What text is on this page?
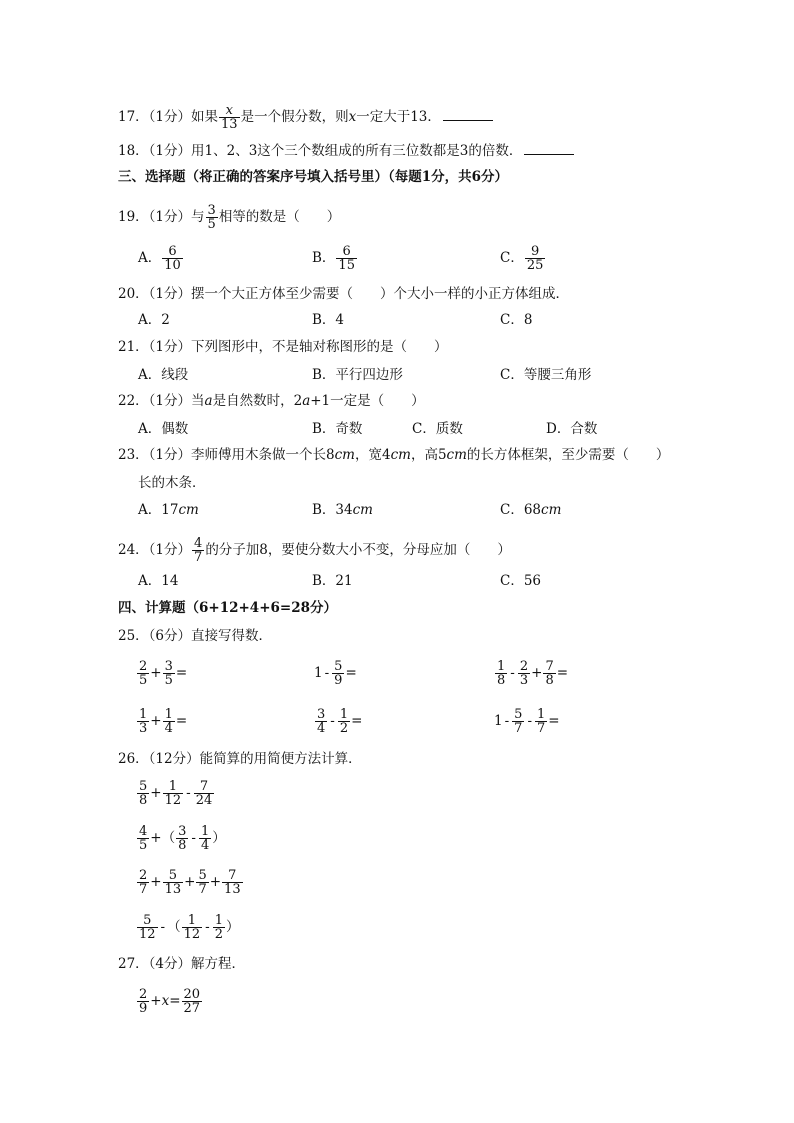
17．（1分）如果 $\frac{x}{13}$ 是一个假分数，则x一定大于13．
18．（1分）用1、2、3这个三个数组成的所有三位数都是3的倍数．
三、选择题（将正确的答案序号填入括号里）（每题1分，共6分）
19．（1分）与 $\frac{3}{5}$ 相等的数是（　　）
A． $\frac{6}{10}$	B． $\frac{6}{15}$	C． $\frac{9}{25}$
20．（1分）摆一个大正方体至少需要（　　）个大小一样的小正方体组成．
A．2	B．4	C．8
21．（1分）下列图形中，不是轴对称图形的是（　　）
A．线段	B．平行四边形	C．等腰三角形
22．（1分）当a是自然数时，2a+1一定是（　　）
A．偶数	B．奇数	C．质数	D．合数
23．（1分）李师傅用木条做一个长8cm，宽4cm，高5cm的长方体框架，至少需要（　　）
长的木条．
A．17cm	B．34cm	C．68cm
24．（1分） $\frac{4}{7}$ 的分子加8，要使分数大小不变，分母应加（　　）
A．14	B．21	C．56
四、计算题（6+12+4+6=28分）
25．（6分）直接写得数．
$\frac{2}{5} + \frac{3}{5}$ =	$1 - \frac{5}{9}$ =	$\frac{1}{8} - \frac{2}{3} + \frac{7}{8}$ =
$\frac{1}{3} + \frac{1}{4}$ =	$\frac{3}{4} - \frac{1}{2}$ =	$1 - \frac{5}{7} - \frac{1}{7}$ =
26．（12分）能简算的用简便方法计算．
$\frac{5}{8} + \frac{1}{12} - \frac{7}{24}$
$\frac{4}{5}$ +（ $\frac{3}{8} - \frac{1}{4}$ ）
$\frac{2}{7} + \frac{5}{13} + \frac{5}{7} + \frac{7}{13}$
$\frac{5}{12}$ - （ $\frac{1}{12} - \frac{1}{2}$ ）
27．（4分）解方程．
$\frac{2}{9} +x= \frac{20}{27}$
